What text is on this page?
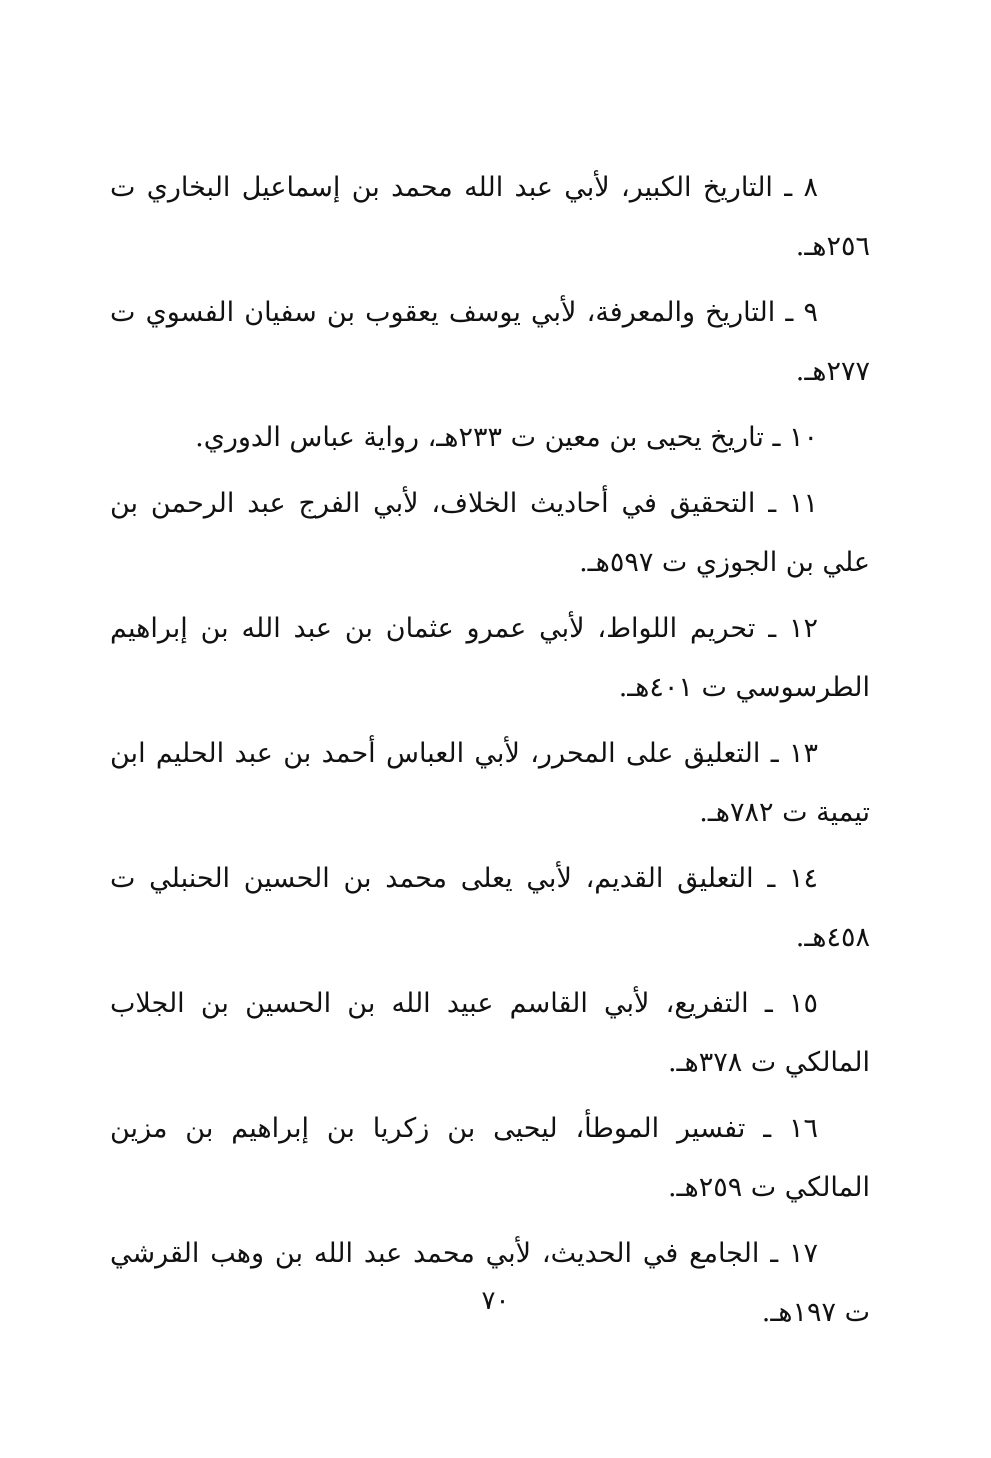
٨ ـ التاريخ الكبير، لأبي عبد الله محمد بن إسماعيل البخاري ت ٢٥٦هـ.

٩ ـ التاريخ والمعرفة، لأبي يوسف يعقوب بن سفيان الفسوي ت ٢٧٧هـ.

١٠ ـ تاريخ يحيى بن معين ت ٢٣٣هـ، رواية عباس الدوري.

١١ ـ التحقيق في أحاديث الخلاف، لأبي الفرج عبد الرحمن بن علي بن الجوزي ت ٥٩٧هـ.

١٢ ـ تحريم اللواط، لأبي عمرو عثمان بن عبد الله بن إبراهيم الطرسوسي ت ٤٠١هـ.

١٣ ـ التعليق على المحرر، لأبي العباس أحمد بن عبد الحليم ابن تيمية ت ٧٨٢هـ.

١٤ ـ التعليق القديم، لأبي يعلى محمد بن الحسين الحنبلي ت ٤٥٨هـ.

١٥ ـ التفريع، لأبي القاسم عبيد الله بن الحسين بن الجلاب المالكي ت ٣٧٨هـ.

١٦ ـ تفسير الموطأ، ليحيى بن زكريا بن إبراهيم بن مزين المالكي ت ٢٥٩هـ.

١٧ ـ الجامع في الحديث، لأبي محمد عبد الله بن وهب القرشي ت ١٩٧هـ.

٧٠
